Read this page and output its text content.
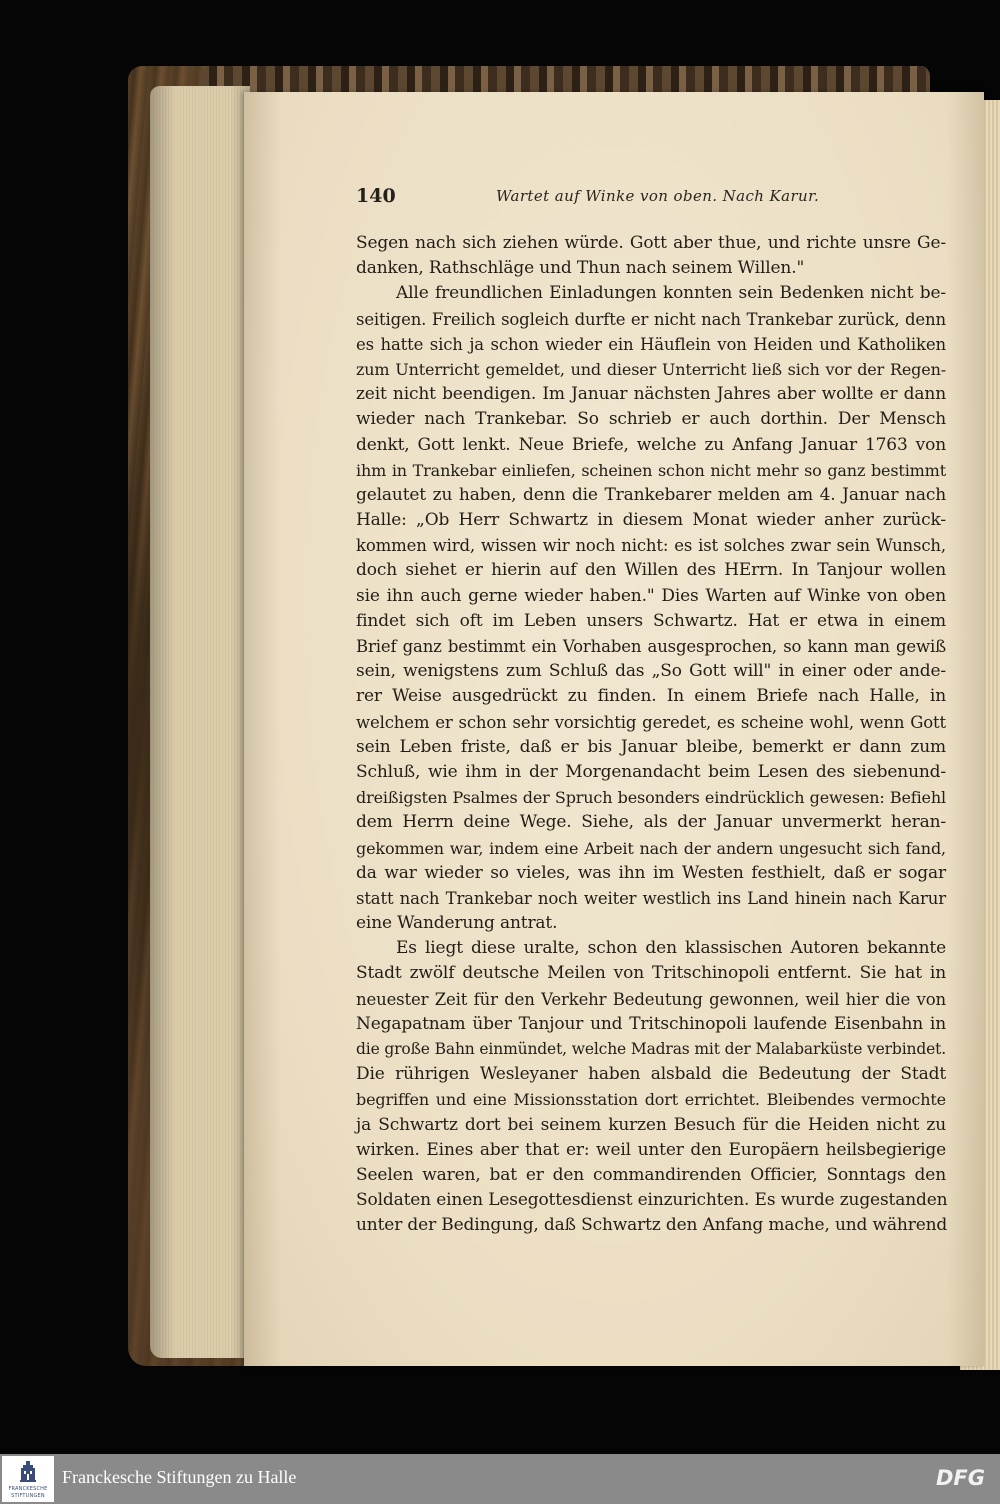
140	Wartet auf Winke von oben. Nach Karur.
Segen nach sich ziehen würde. Gott aber thue, und richte unsre Ge-
danken, Rathschläge und Thun nach seinem Willen."
Alle freundlichen Einladungen konnten sein Bedenken nicht be-
seitigen. Freilich sogleich durfte er nicht nach Trankebar zurück, denn
es hatte sich ja schon wieder ein Häuflein von Heiden und Katholiken
zum Unterricht gemeldet, und dieser Unterricht ließ sich vor der Regen-
zeit nicht beendigen. Im Januar nächsten Jahres aber wollte er dann
wieder nach Trankebar. So schrieb er auch dorthin. Der Mensch
denkt, Gott lenkt. Neue Briefe, welche zu Anfang Januar 1763 von
ihm in Trankebar einliefen, scheinen schon nicht mehr so ganz bestimmt
gelautet zu haben, denn die Trankebarer melden am 4. Januar nach
Halle: „Ob Herr Schwartz in diesem Monat wieder anher zurück-
kommen wird, wissen wir noch nicht: es ist solches zwar sein Wunsch,
doch siehet er hierin auf den Willen des HErrn. In Tanjour wollen
sie ihn auch gerne wieder haben." Dies Warten auf Winke von oben
findet sich oft im Leben unsers Schwartz. Hat er etwa in einem
Brief ganz bestimmt ein Vorhaben ausgesprochen, so kann man gewiß
sein, wenigstens zum Schluß das „So Gott will" in einer oder ande-
rer Weise ausgedrückt zu finden. In einem Briefe nach Halle, in
welchem er schon sehr vorsichtig geredet, es scheine wohl, wenn Gott
sein Leben friste, daß er bis Januar bleibe, bemerkt er dann zum
Schluß, wie ihm in der Morgenandacht beim Lesen des siebenund-
dreißigsten Psalmes der Spruch besonders eindrücklich gewesen: Befiehl
dem Herrn deine Wege. Siehe, als der Januar unvermerkt heran-
gekommen war, indem eine Arbeit nach der andern ungesucht sich fand,
da war wieder so vieles, was ihn im Westen festhielt, daß er sogar
statt nach Trankebar noch weiter westlich ins Land hinein nach Karur
eine Wanderung antrat.
Es liegt diese uralte, schon den klassischen Autoren bekannte
Stadt zwölf deutsche Meilen von Tritschinopoli entfernt. Sie hat in
neuester Zeit für den Verkehr Bedeutung gewonnen, weil hier die von
Negapatnam über Tanjour und Tritschinopoli laufende Eisenbahn in
die große Bahn einmündet, welche Madras mit der Malabarküste verbindet.
Die rührigen Wesleyaner haben alsbald die Bedeutung der Stadt
begriffen und eine Missionsstation dort errichtet. Bleibendes vermochte
ja Schwartz dort bei seinem kurzen Besuch für die Heiden nicht zu
wirken. Eines aber that er: weil unter den Europäern heilsbegierige
Seelen waren, bat er den commandirenden Officier, Sonntags den
Soldaten einen Lesegottesdienst einzurichten. Es wurde zugestanden
unter der Bedingung, daß Schwartz den Anfang mache, und während
FRANCKESCHE
STIFTUNGEN
Franckesche Stiftungen zu Halle	DFG
